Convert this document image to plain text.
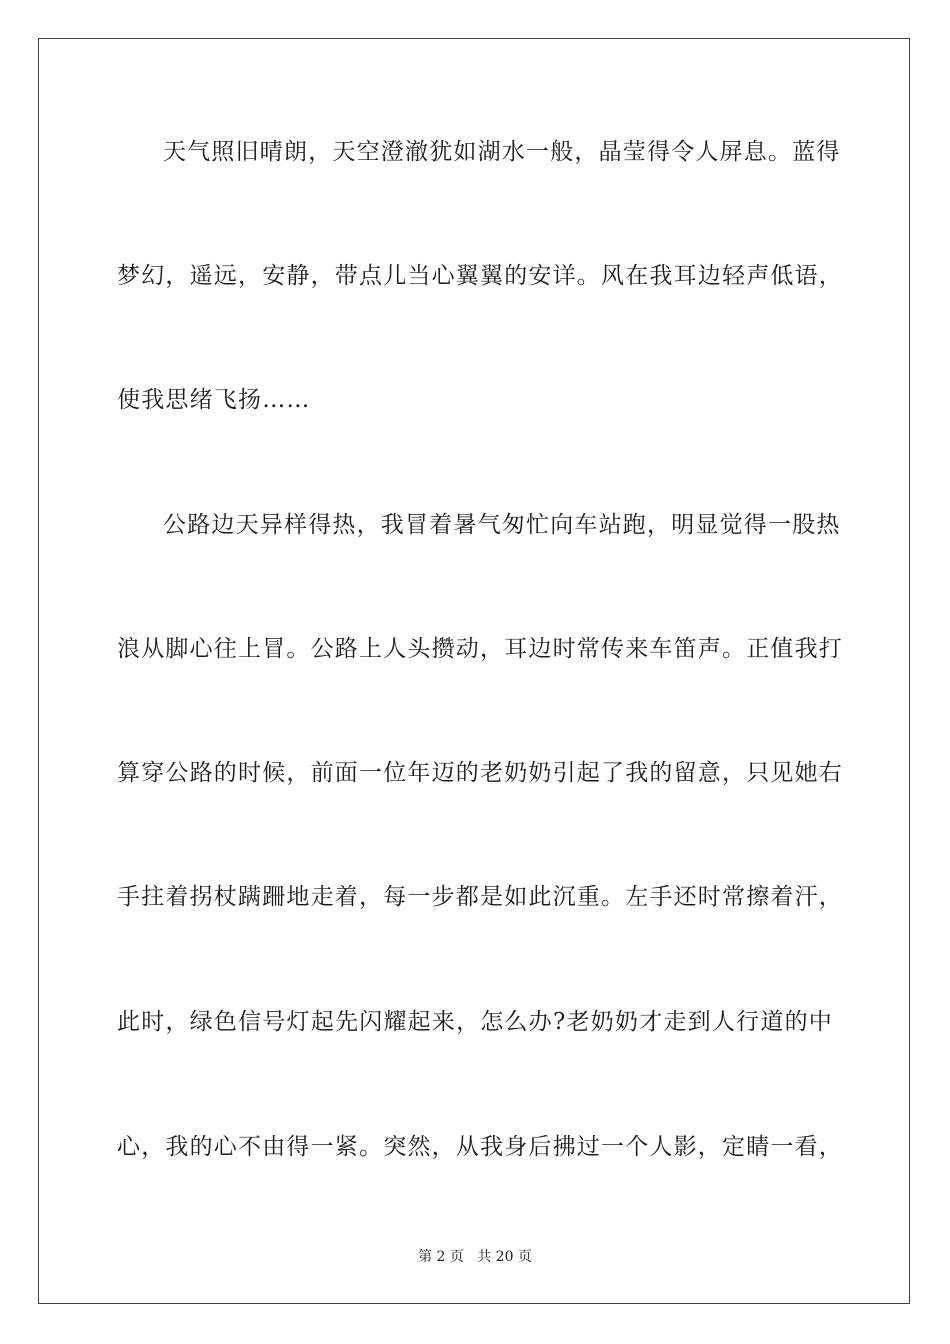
天气照旧晴朗，天空澄澈犹如湖水一般，晶莹得令人屏息。蓝得
梦幻，遥远，安静，带点儿当心翼翼的安详。风在我耳边轻声低语，
使我思绪飞扬……
公路边天异样得热，我冒着暑气匆忙向车站跑，明显觉得一股热
浪从脚心往上冒。公路上人头攒动，耳边时常传来车笛声。正值我打
算穿公路的时候，前面一位年迈的老奶奶引起了我的留意，只见她右
手拄着拐杖蹒跚地走着，每一步都是如此沉重。左手还时常擦着汗，
此时，绿色信号灯起先闪耀起来，怎么办?老奶奶才走到人行道的中
心，我的心不由得一紧。突然，从我身后拂过一个人影，定睛一看，
第 2 页   共 20 页
